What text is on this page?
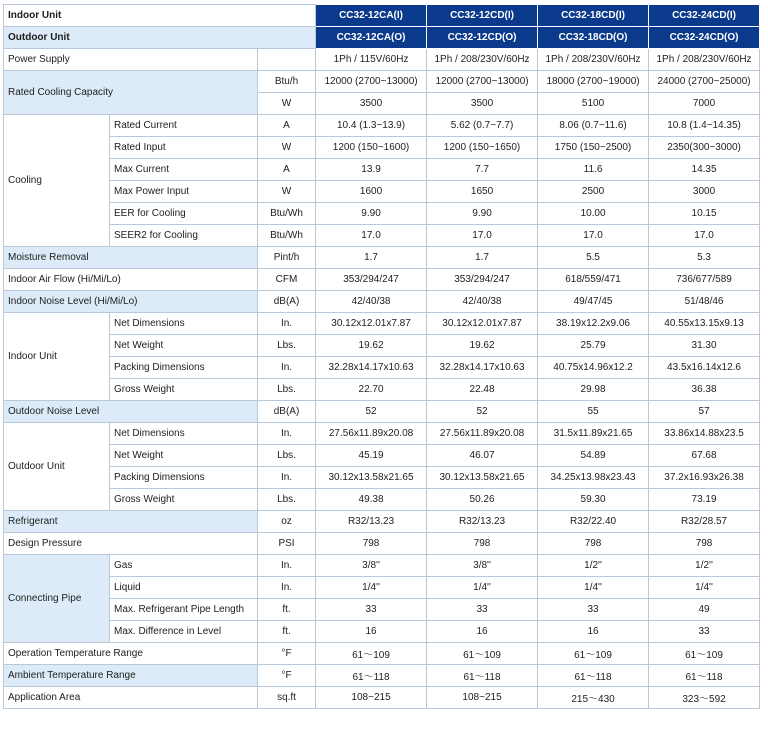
Indoor Unit			CC32-12CA(I)	CC32-12CD(I)	CC32-18CD(I)	CC32-24CD(I)
Outdoor Unit			CC32-12CA(O)	CC32-12CD(O)	CC32-18CD(O)	CC32-24CD(O)
Power Supply			1Ph / 115V/60Hz	1Ph / 208/230V/60Hz	1Ph / 208/230V/60Hz	1Ph / 208/230V/60Hz
Rated Cooling Capacity		Btu/h	12000 (2700~13000)	12000 (2700~13000)	18000 (2700~19000)	24000 (2700~25000)
		W	3500	3500	5100	7000
Cooling	Rated Current	A	10.4 (1.3~13.9)	5.62 (0.7~7.7)	8.06 (0.7~11.6)	10.8 (1.4~14.35)
	Rated Input	W	1200 (150~1600)	1200 (150~1650)	1750 (150~2500)	2350(300~3000)
	Max Current	A	13.9	7.7	11.6	14.35
	Max Power Input	W	1600	1650	2500	3000
	EER for Cooling	Btu/Wh	9.90	9.90	10.00	10.15
	SEER2 for Cooling	Btu/Wh	17.0	17.0	17.0	17.0
Moisture Removal		Pint/h	1.7	1.7	5.5	5.3
Indoor Air Flow (Hi/Mi/Lo)		CFM	353/294/247	353/294/247	618/559/471	736/677/589
Indoor Noise Level (Hi/Mi/Lo)		dB(A)	42/40/38	42/40/38	49/47/45	51/48/46
Indoor Unit	Net Dimensions	In.	30.12x12.01x7.87	30.12x12.01x7.87	38.19x12.2x9.06	40.55x13.15x9.13
	Net Weight	Lbs.	19.62	19.62	25.79	31.30
	Packing Dimensions	In.	32.28x14.17x10.63	32.28x14.17x10.63	40.75x14.96x12.2	43.5x16.14x12.6
	Gross Weight	Lbs.	22.70	22.48	29.98	36.38
Outdoor Noise Level		dB(A)	52	52	55	57
Outdoor Unit	Net Dimensions	In.	27.56x11.89x20.08	27.56x11.89x20.08	31.5x11.89x21.65	33.86x14.88x23.5
	Net Weight	Lbs.	45.19	46.07	54.89	67.68
	Packing Dimensions	In.	30.12x13.58x21.65	30.12x13.58x21.65	34.25x13.98x23.43	37.2x16.93x26.38
	Gross Weight	Lbs.	49.38	50.26	59.30	73.19
Refrigerant		oz	R32/13.23	R32/13.23	R32/22.40	R32/28.57
Design Pressure		PSI	798	798	798	798
Connecting Pipe	Gas	In.	3/8''	3/8''	1/2''	1/2''
	Liquid	In.	1/4''	1/4''	1/4''	1/4''
	Max. Refrigerant Pipe Length	ft.	33	33	33	49
	Max. Difference in Level	ft.	16	16	16	33
Operation Temperature Range		°F	61～109	61～109	61～109	61～109
Ambient Temperature Range		°F	61～118	61～118	61～118	61～118
Application Area		sq.ft	108~215	108~215	215～430	323～592
